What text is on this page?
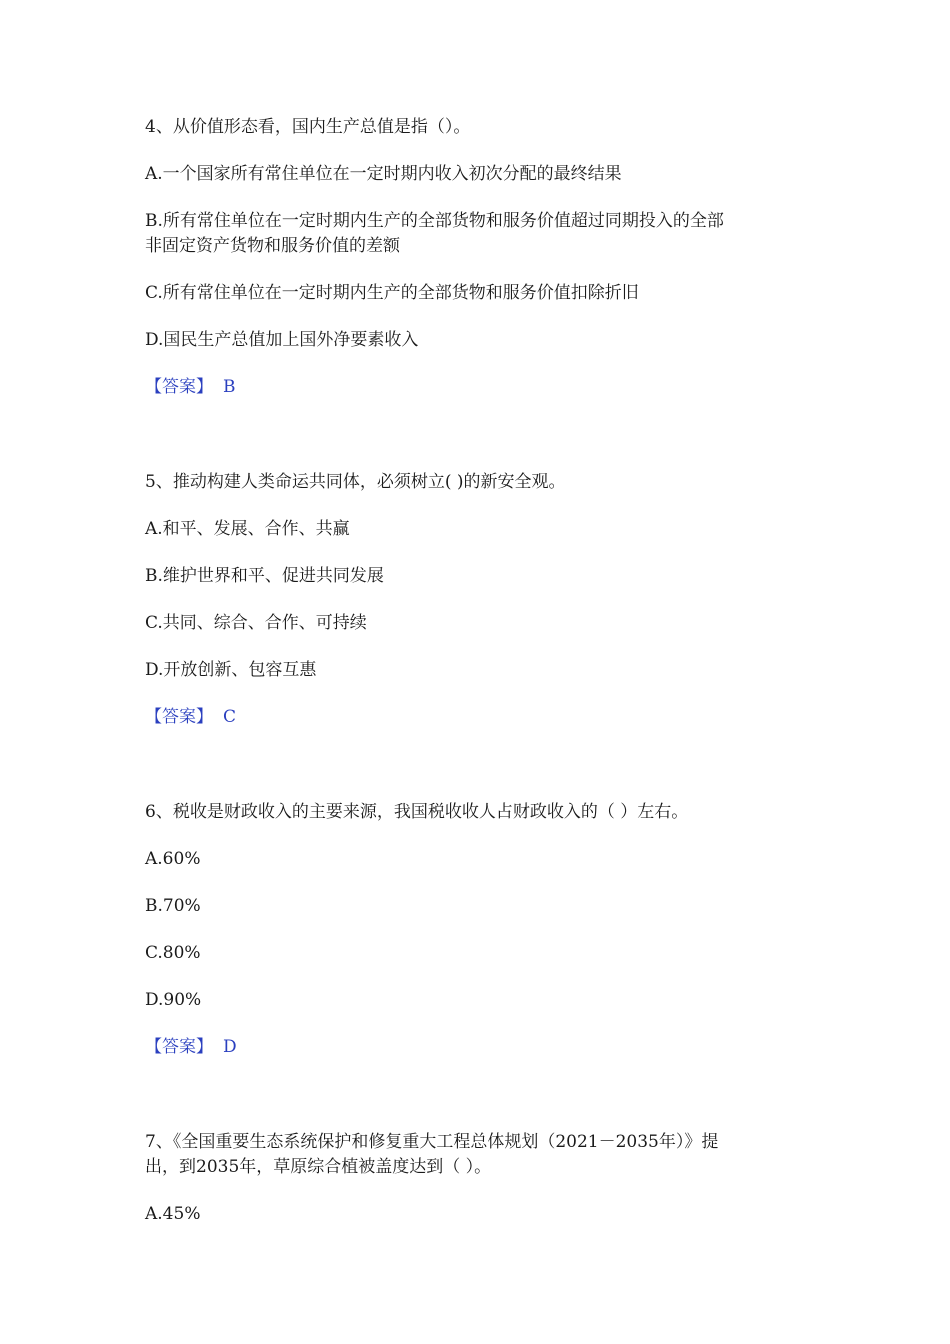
4、从价值形态看，国内生产总值是指（）。
A.一个国家所有常住单位在一定时期内收入初次分配的最终结果
B.所有常住单位在一定时期内生产的全部货物和服务价值超过同期投入的全部
非固定资产货物和服务价值的差额
C.所有常住单位在一定时期内生产的全部货物和服务价值扣除折旧
D.国民生产总值加上国外净要素收入
【答案】 B
5、推动构建人类命运共同体，必须树立( )的新安全观。
A.和平、发展、合作、共赢
B.维护世界和平、促进共同发展
C.共同、综合、合作、可持续
D.开放创新、包容互惠
【答案】 C
6、税收是财政收入的主要来源，我国税收收人占财政收入的（ ）左右。
A.60%
B.70%
C.80%
D.90%
【答案】 D
7、《全国重要生态系统保护和修复重大工程总体规划（2021－2035年）》提
出，到2035年，草原综合植被盖度达到（ ）。
A.45%
